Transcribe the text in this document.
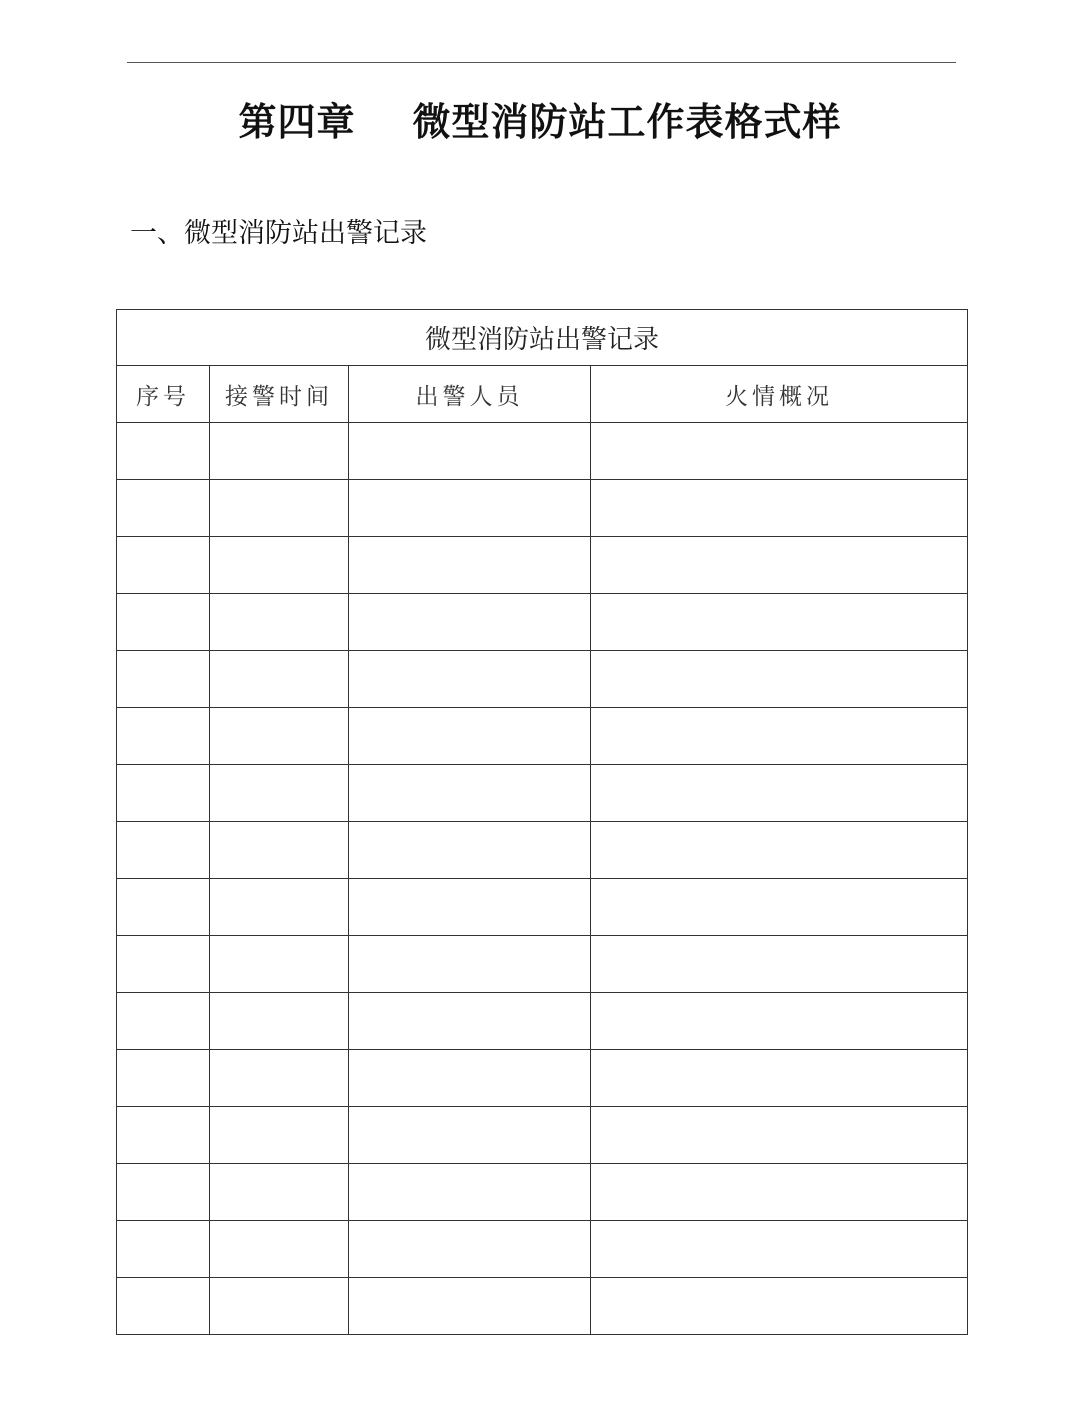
第四章    微型消防站工作表格式样
一、微型消防站出警记录
微型消防站出警记录			
序号	接警时间	出警人员	火情概况
